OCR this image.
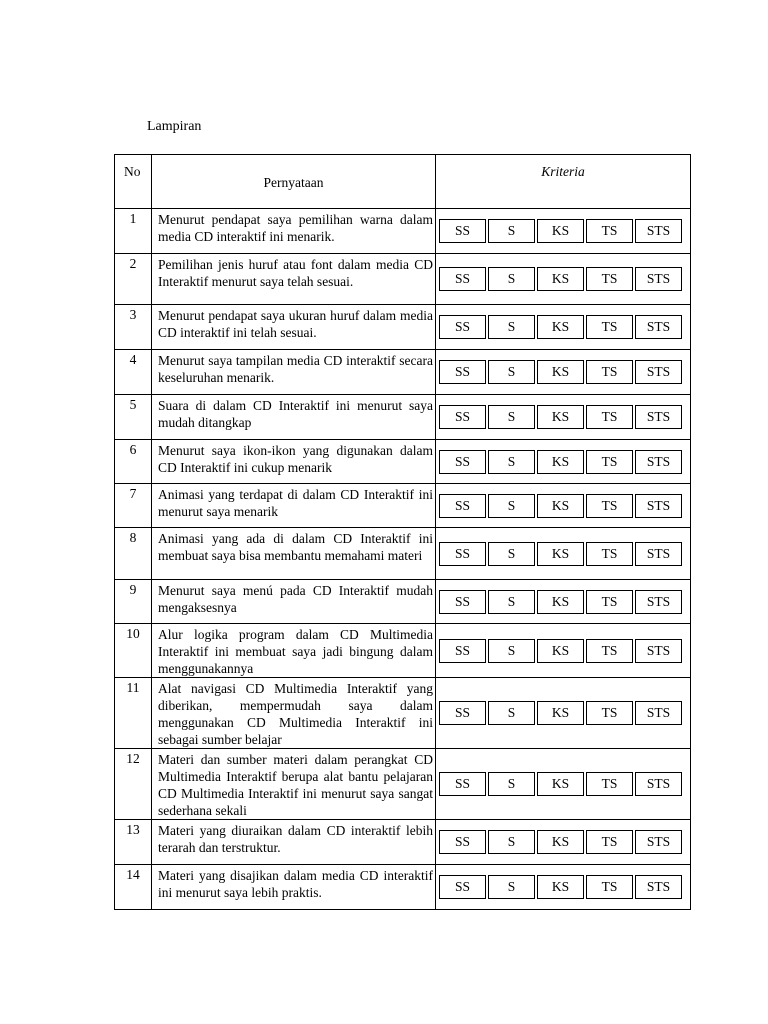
Lampiran
No	Pernyataan	Kriteria
1	Menurut pendapat saya pemilihan warna dalam media CD interaktif ini menarik.	SS S KS TS STS

2	Pemilihan jenis huruf atau font dalam media CD Interaktif menurut saya telah sesuai.	SS S KS TS STS

3	Menurut pendapat saya ukuran huruf dalam media CD interaktif ini telah sesuai.	SS S KS TS STS

4	Menurut saya tampilan media CD interaktif secara keseluruhan menarik.	SS S KS TS STS

5	Suara di dalam CD Interaktif ini menurut saya mudah ditangkap	SS S KS TS STS

6	Menurut saya ikon-ikon yang digunakan dalam CD Interaktif ini cukup menarik	SS S KS TS STS

7	Animasi yang terdapat di dalam CD Interaktif ini menurut saya menarik	SS S KS TS STS

8	Animasi yang ada di dalam CD Interaktif ini membuat saya bisa membantu memahami materi	SS S KS TS STS

9	Menurut saya menú pada CD Interaktif mudah mengaksesnya	SS S KS TS STS

10	Alur logika program dalam CD Multimedia Interaktif ini membuat saya jadi bingung dalam menggunakannya	SS S KS TS STS

11	Alat navigasi CD Multimedia Interaktif yang diberikan, mempermudah saya dalam menggunakan CD Multimedia Interaktif ini sebagai sumber belajar	SS S KS TS STS

12	Materi dan sumber materi dalam perangkat CD Multimedia Interaktif berupa alat bantu pelajaran CD Multimedia Interaktif ini menurut saya sangat sederhana sekali	SS S KS TS STS

13	Materi yang diuraikan dalam CD interaktif lebih terarah dan terstruktur.	SS S KS TS STS

14	Materi yang disajikan dalam media CD interaktif ini menurut saya lebih praktis.	SS S KS TS STS
